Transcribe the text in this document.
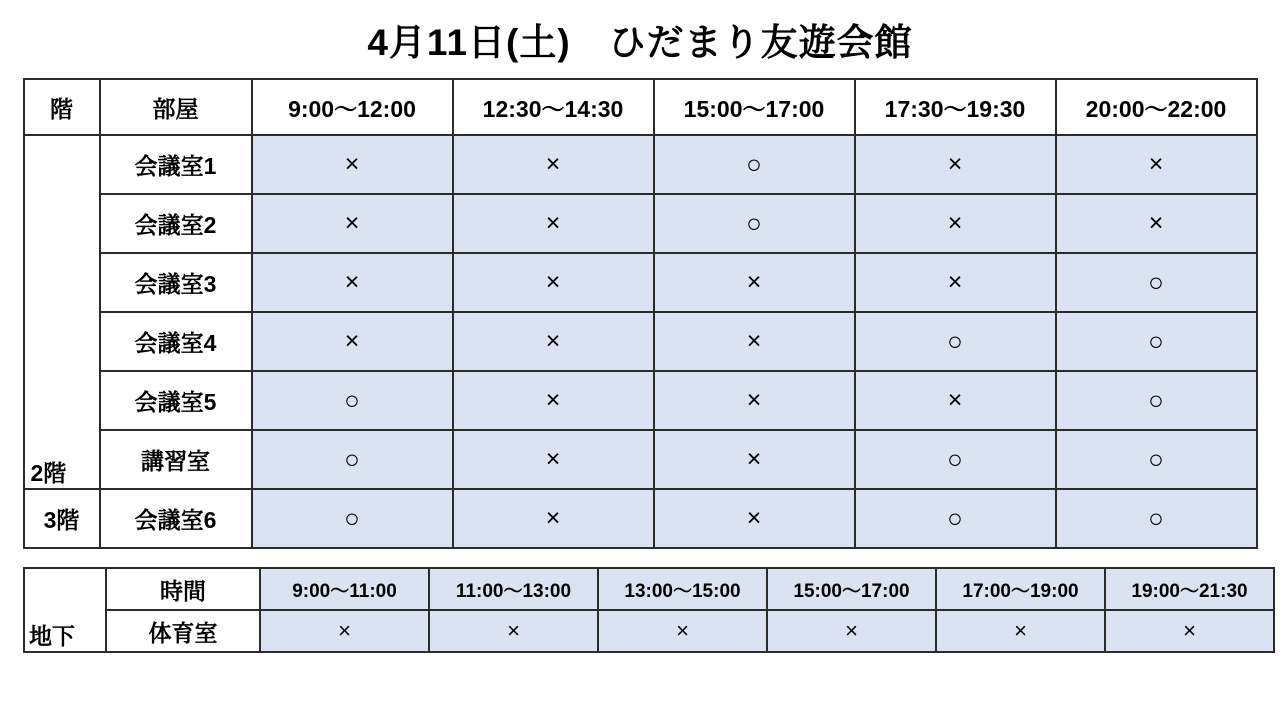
4月11日(土)　ひだまり友遊会館
階	部屋	9:00〜12:00	12:30〜14:30	15:00〜17:00	17:30〜19:30	20:00〜22:00
2階	会議室1	×	×	○	×	×
	会議室2	×	×	○	×	×
	会議室3	×	×	×	×	○
	会議室4	×	×	×	○	○
	会議室5	○	×	×	×	○
	講習室	○	×	×	○	○
3階	会議室6	○	×	×	○	○
地下	時間	9:00〜11:00	11:00〜13:00	13:00〜15:00	15:00〜17:00	17:00〜19:00	19:00〜21:30
	体育室	×	×	×	×	×	×
